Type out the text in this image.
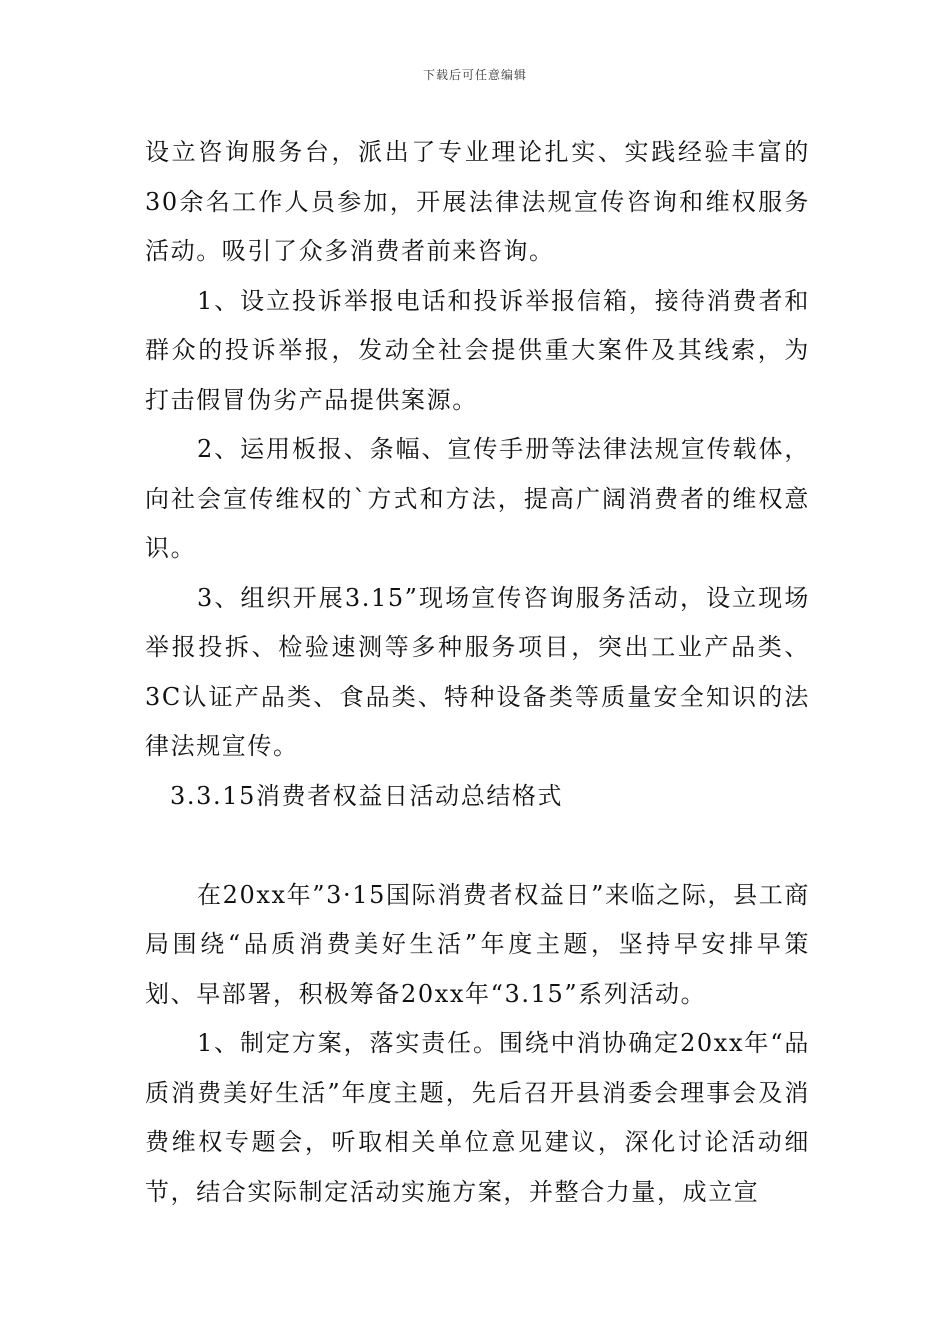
下载后可任意编辑

设立咨询服务台，派出了专业理论扎实、实践经验丰富的30余名工作人员参加，开展法律法规宣传咨询和维权服务活动。吸引了众多消费者前来咨询。

1、设立投诉举报电话和投诉举报信箱，接待消费者和群众的投诉举报，发动全社会提供重大案件及其线索，为打击假冒伪劣产品提供案源。

2、运用板报、条幅、宣传手册等法律法规宣传载体，向社会宣传维权的`方式和方法，提高广阔消费者的维权意识。

3、组织开展3.15”现场宣传咨询服务活动，设立现场举报投拆、检验速测等多种服务项目，突出工业产品类、3C认证产品类、食品类、特种设备类等质量安全知识的法律法规宣传。

3.3.15消费者权益日活动总结格式

在20xx年”3·15国际消费者权益日”来临之际，县工商局围绕“品质消费美好生活”年度主题，坚持早安排早策划、早部署，积极筹备20xx年“3.15”系列活动。

1、制定方案，落实责任。围绕中消协确定20xx年“品质消费美好生活”年度主题，先后召开县消委会理事会及消费维权专题会，听取相关单位意见建议，深化讨论活动细节，结合实际制定活动实施方案，并整合力量，成立宣
